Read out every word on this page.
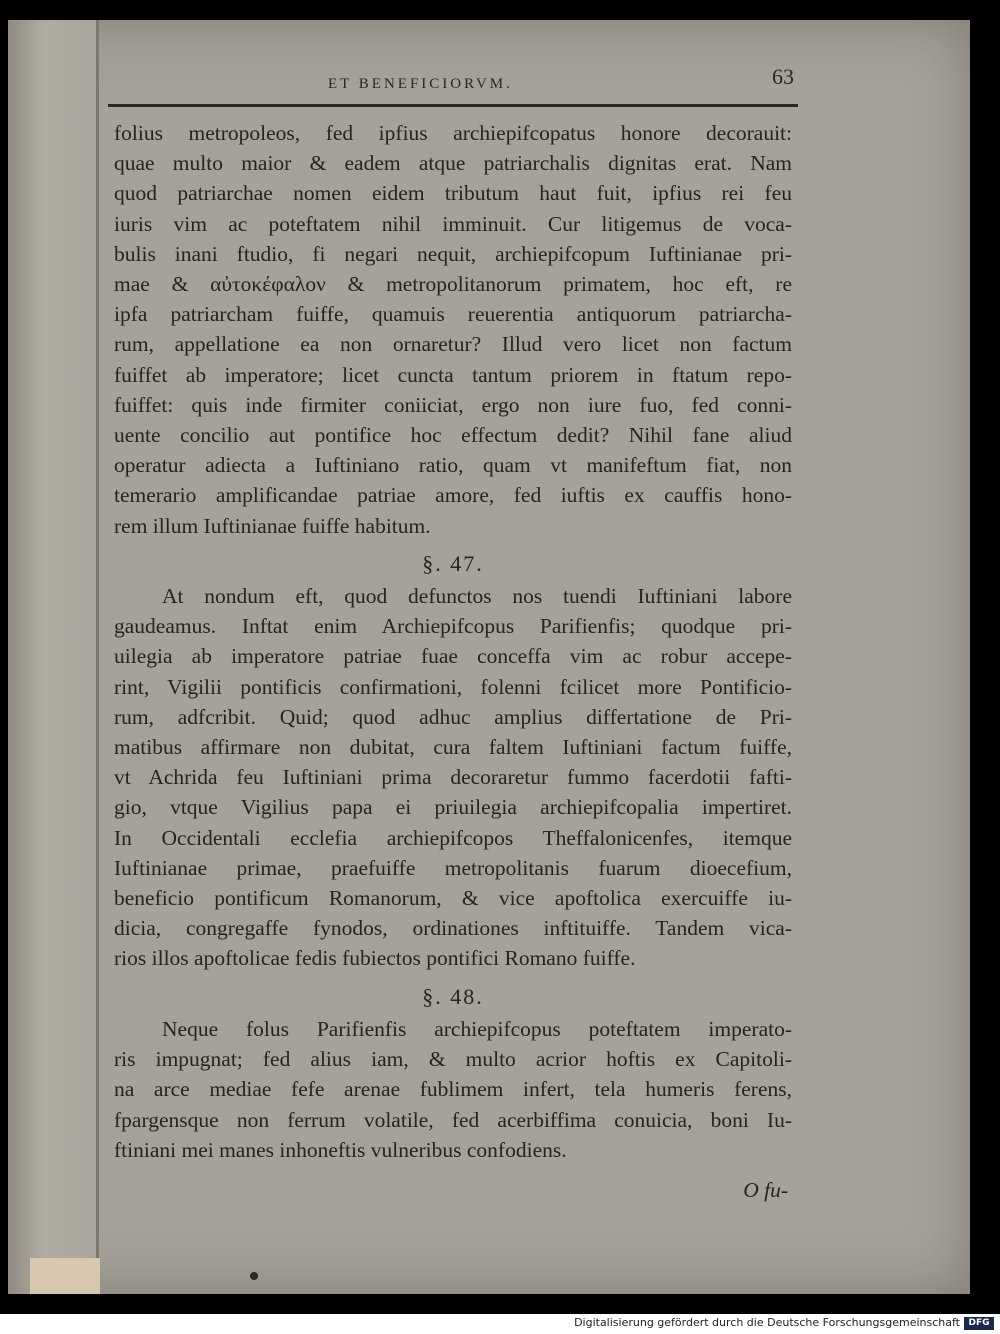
ET BENEFICIORVM.	63
folius metropoleos, fed ipfius archiepifcopatus honore decorauit:
quae multo maior & eadem atque patriarchalis dignitas erat. Nam
quod patriarchae nomen eidem tributum haut fuit, ipfius rei feu
iuris vim ac poteftatem nihil imminuit. Cur litigemus de voca-
bulis inani ftudio, fi negari nequit, archiepifcopum Iuftinianae pri-
mae & αὐτοκέφαλον & metropolitanorum primatem, hoc eft, re
ipfa patriarcham fuiffe, quamuis reuerentia antiquorum patriarcha-
rum, appellatione ea non ornaretur? Illud vero licet non factum
fuiffet ab imperatore; licet cuncta tantum priorem in ftatum repo-
fuiffet: quis inde firmiter coniiciat, ergo non iure fuo, fed conni-
uente concilio aut pontifice hoc effectum dedit? Nihil fane aliud
operatur adiecta a Iuftiniano ratio, quam vt manifeftum fiat, non
temerario amplificandae patriae amore, fed iuftis ex cauffis hono-
rem illum Iuftinianae fuiffe habitum.
§. 47.
At nondum eft, quod defunctos nos tuendi Iuftiniani labore
gaudeamus. Inftat enim Archiepifcopus Parifienfis; quodque pri-
uilegia ab imperatore patriae fuae conceffa vim ac robur accepe-
rint, Vigilii pontificis confirmationi, folenni fcilicet more Pontificio-
rum, adfcribit. Quid; quod adhuc amplius differtatione de Pri-
matibus affirmare non dubitat, cura faltem Iuftiniani factum fuiffe,
vt Achrida feu Iuftiniani prima decoraretur fummo facerdotii fafti-
gio, vtque Vigilius papa ei priuilegia archiepifcopalia impertiret.
In Occidentali ecclefia archiepifcopos Theffalonicenfes, itemque
Iuftinianae primae, praefuiffe metropolitanis fuarum dioecefium,
beneficio pontificum Romanorum, & vice apoftolica exercuiffe iu-
dicia, congregaffe fynodos, ordinationes inftituiffe. Tandem vica-
rios illos apoftolicae fedis fubiectos pontifici Romano fuiffe.
§. 48.
Neque folus Parifienfis archiepifcopus poteftatem imperato-
ris impugnat; fed alius iam, & multo acrior hoftis ex Capitoli-
na arce mediae fefe arenae fublimem infert, tela humeris ferens,
fpargensque non ferrum volatile, fed acerbiffima conuicia, boni Iu-
ftiniani mei manes inhoneftis vulneribus confodiens.
O fu-
Digitalisierung gefördert durch die Deutsche Forschungsgemeinschaft DFG
